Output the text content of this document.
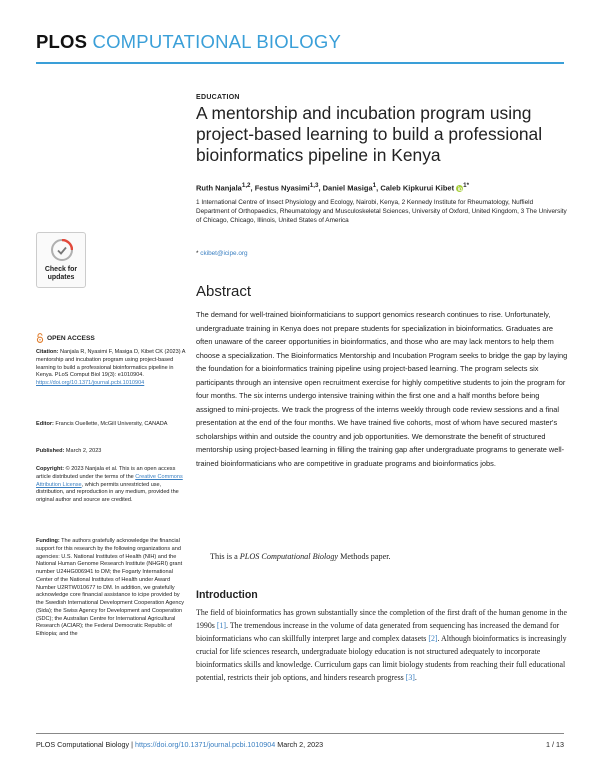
PLOS COMPUTATIONAL BIOLOGY
EDUCATION
A mentorship and incubation program using project-based learning to build a professional bioinformatics pipeline in Kenya
Ruth Nanjala$^{1,2}$, Festus Nyasimi$^{1,3}$, Daniel Masiga$^1$, Caleb Kipkurui Kibet $^{1*}$
1 International Centre of Insect Physiology and Ecology, Nairobi, Kenya, 2 Kennedy Institute for Rheumatology, Nuffield Department of Orthopaedics, Rheumatology and Musculoskeletal Sciences, University of Oxford, United Kingdom, 3 The University of Chicago, Chicago, Illinois, United States of America
* ckibet@icipe.org
Abstract
The demand for well-trained bioinformaticians to support genomics research continues to rise. Unfortunately, undergraduate training in Kenya does not prepare students for specialization in bioinformatics. Graduates are often unaware of the career opportunities in bioinformatics, and those who are may lack mentors to help them choose a specialization. The Bioinformatics Mentorship and Incubation Program seeks to bridge the gap by laying the foundation for a bioinformatics training pipeline using project-based learning. The program selects six participants through an intensive open recruitment exercise for highly competitive students to join the program for four months. The six interns undergo intensive training within the first one and a half months before being assigned to mini-projects. We track the progress of the interns weekly through code review sessions and a final presentation at the end of the four months. We have trained five cohorts, most of whom have secured master's scholarships within and outside the country and job opportunities. We demonstrate the benefit of structured mentorship using project-based learning in filling the training gap after undergraduate programs to generate well-trained bioinformaticians who are competitive in graduate programs and bioinformatics jobs.
This is a PLOS Computational Biology Methods paper.
Introduction
The field of bioinformatics has grown substantially since the completion of the first draft of the human genome in the 1990s [1]. The tremendous increase in the volume of data generated from sequencing has increased the demand for bioinformaticians who can skillfully interpret large and complex datasets [2]. Although bioinformatics is increasingly crucial for life sciences research, undergraduate biology education is not structured adequately to incorporate bioinformatics skills and knowledge. Curriculum gaps can limit biology students from reaching their full educational potential, restricts their job options, and hinders research progress [3].
Check for
updates
OPEN ACCESS
Citation: Nanjala R, Nyasimi F, Masiga D, Kibet CK (2023) A mentorship and incubation program using project-based learning to build a professional bioinformatics pipeline in Kenya. PLoS Comput Biol 19(3): e1010904. https://doi.org/10.1371/journal.pcbi.1010904
Editor: Francis Ouellette, McGill University, CANADA
Published: March 2, 2023
Copyright: © 2023 Nanjala et al. This is an open access article distributed under the terms of the Creative Commons Attribution License, which permits unrestricted use, distribution, and reproduction in any medium, provided the original author and source are credited.
Funding: The authors gratefully acknowledge the financial support for this research by the following organizations and agencies: U.S. National Institutes of Health (NIH) and the National Human Genome Research Institute (NHGRI) grant number U24HG006941 to DM; the Fogarty International Center of the National Institutes of Health under Award Number U2RTW010677 to DM. In addition, we gratefully acknowledge core financial assistance to icipe provided by the Swedish International Development Cooperation Agency (Sida); the Swiss Agency for Development and Cooperation (SDC); the Australian Centre for International Agricultural Research (ACIAR); the Federal Democratic Republic of Ethiopia; and the
PLOS Computational Biology | https://doi.org/10.1371/journal.pcbi.1010904 March 2, 2023	1 / 13
